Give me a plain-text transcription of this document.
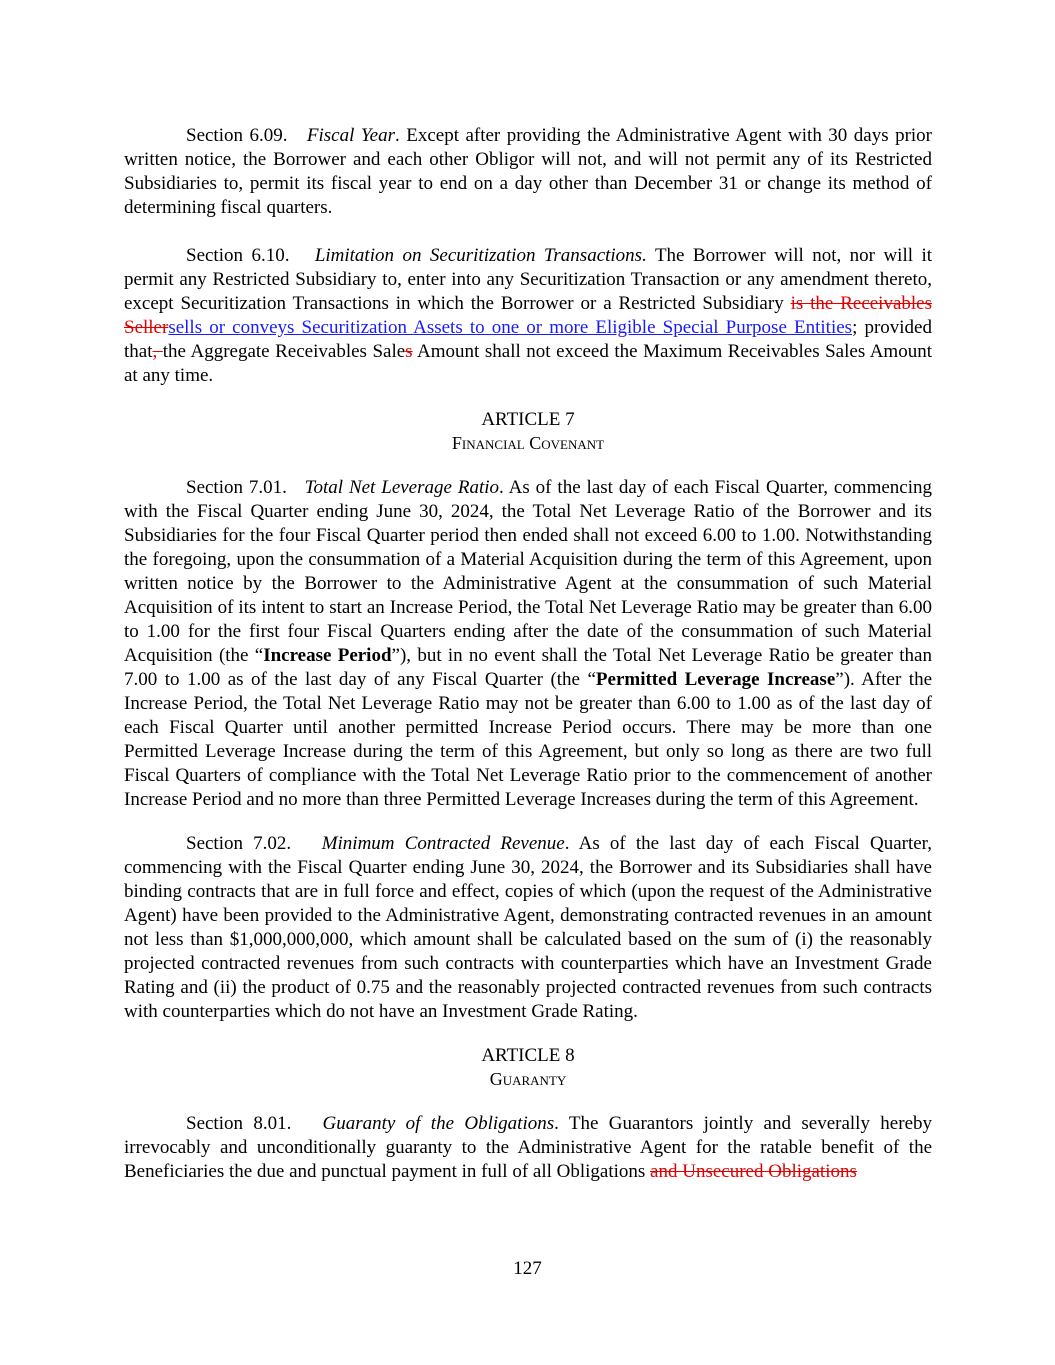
Section 6.09. Fiscal Year. Except after providing the Administrative Agent with 30 days prior written notice, the Borrower and each other Obligor will not, and will not permit any of its Restricted Subsidiaries to, permit its fiscal year to end on a day other than December 31 or change its method of determining fiscal quarters.

Section 6.10. Limitation on Securitization Transactions. The Borrower will not, nor will it permit any Restricted Subsidiary to, enter into any Securitization Transaction or any amendment thereto, except Securitization Transactions in which the Borrower or a Restricted Subsidiary is the Receivables Sellersells or conveys Securitization Assets to one or more Eligible Special Purpose Entities; provided that, the Aggregate Receivables Sales Amount shall not exceed the Maximum Receivables Sales Amount at any time.

ARTICLE 7
Financial Covenant

Section 7.01. Total Net Leverage Ratio. As of the last day of each Fiscal Quarter, commencing with the Fiscal Quarter ending June 30, 2024, the Total Net Leverage Ratio of the Borrower and its Subsidiaries for the four Fiscal Quarter period then ended shall not exceed 6.00 to 1.00. Notwithstanding the foregoing, upon the consummation of a Material Acquisition during the term of this Agreement, upon written notice by the Borrower to the Administrative Agent at the consummation of such Material Acquisition of its intent to start an Increase Period, the Total Net Leverage Ratio may be greater than 6.00 to 1.00 for the first four Fiscal Quarters ending after the date of the consummation of such Material Acquisition (the “Increase Period”), but in no event shall the Total Net Leverage Ratio be greater than 7.00 to 1.00 as of the last day of any Fiscal Quarter (the “Permitted Leverage Increase”). After the Increase Period, the Total Net Leverage Ratio may not be greater than 6.00 to 1.00 as of the last day of each Fiscal Quarter until another permitted Increase Period occurs. There may be more than one Permitted Leverage Increase during the term of this Agreement, but only so long as there are two full Fiscal Quarters of compliance with the Total Net Leverage Ratio prior to the commencement of another Increase Period and no more than three Permitted Leverage Increases during the term of this Agreement.

Section 7.02. Minimum Contracted Revenue. As of the last day of each Fiscal Quarter, commencing with the Fiscal Quarter ending June 30, 2024, the Borrower and its Subsidiaries shall have binding contracts that are in full force and effect, copies of which (upon the request of the Administrative Agent) have been provided to the Administrative Agent, demonstrating contracted revenues in an amount not less than $1,000,000,000, which amount shall be calculated based on the sum of (i) the reasonably projected contracted revenues from such contracts with counterparties which have an Investment Grade Rating and (ii) the product of 0.75 and the reasonably projected contracted revenues from such contracts with counterparties which do not have an Investment Grade Rating.

ARTICLE 8
Guaranty

Section 8.01. Guaranty of the Obligations. The Guarantors jointly and severally hereby irrevocably and unconditionally guaranty to the Administrative Agent for the ratable benefit of the Beneficiaries the due and punctual payment in full of all Obligations and Unsecured Obligations

127
